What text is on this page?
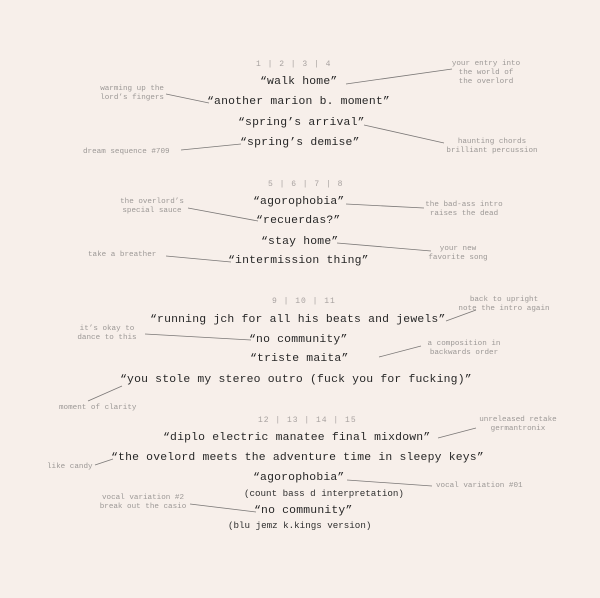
1 | 2 | 3 | 4
“walk home”
“another marion b. moment”
“spring’s arrival”
“spring’s demise”
5 | 6 | 7 | 8
“agorophobia”
“recuerdas?”
“stay home”
“intermission thing”
9 | 10 | 11
“running jch for all his beats and jewels”
“no community”
“triste maita”
“you stole my stereo outro (fuck you for fucking)”
12 | 13 | 14 | 15
“diplo electric manatee final mixdown”
“the ovelord meets the adventure time in sleepy keys”
“agorophobia”
(count bass d interpretation)
“no community”
(blu jemz k.kings version)
your entry into
the world of
the overlord
warming up the
lord’s fingers
haunting chords
brilliant percussion
dream sequence #709
the overlord’s
special sauce
the bad-ass intro
raises the dead
your new
favorite song
take a breather
back to upright
note the intro again
it’s okay to
dance to this
a composition in
backwards order
moment of clarity
unreleased retake
germantronix
like candy
vocal variation #01
vocal variation #2
break out the casio
